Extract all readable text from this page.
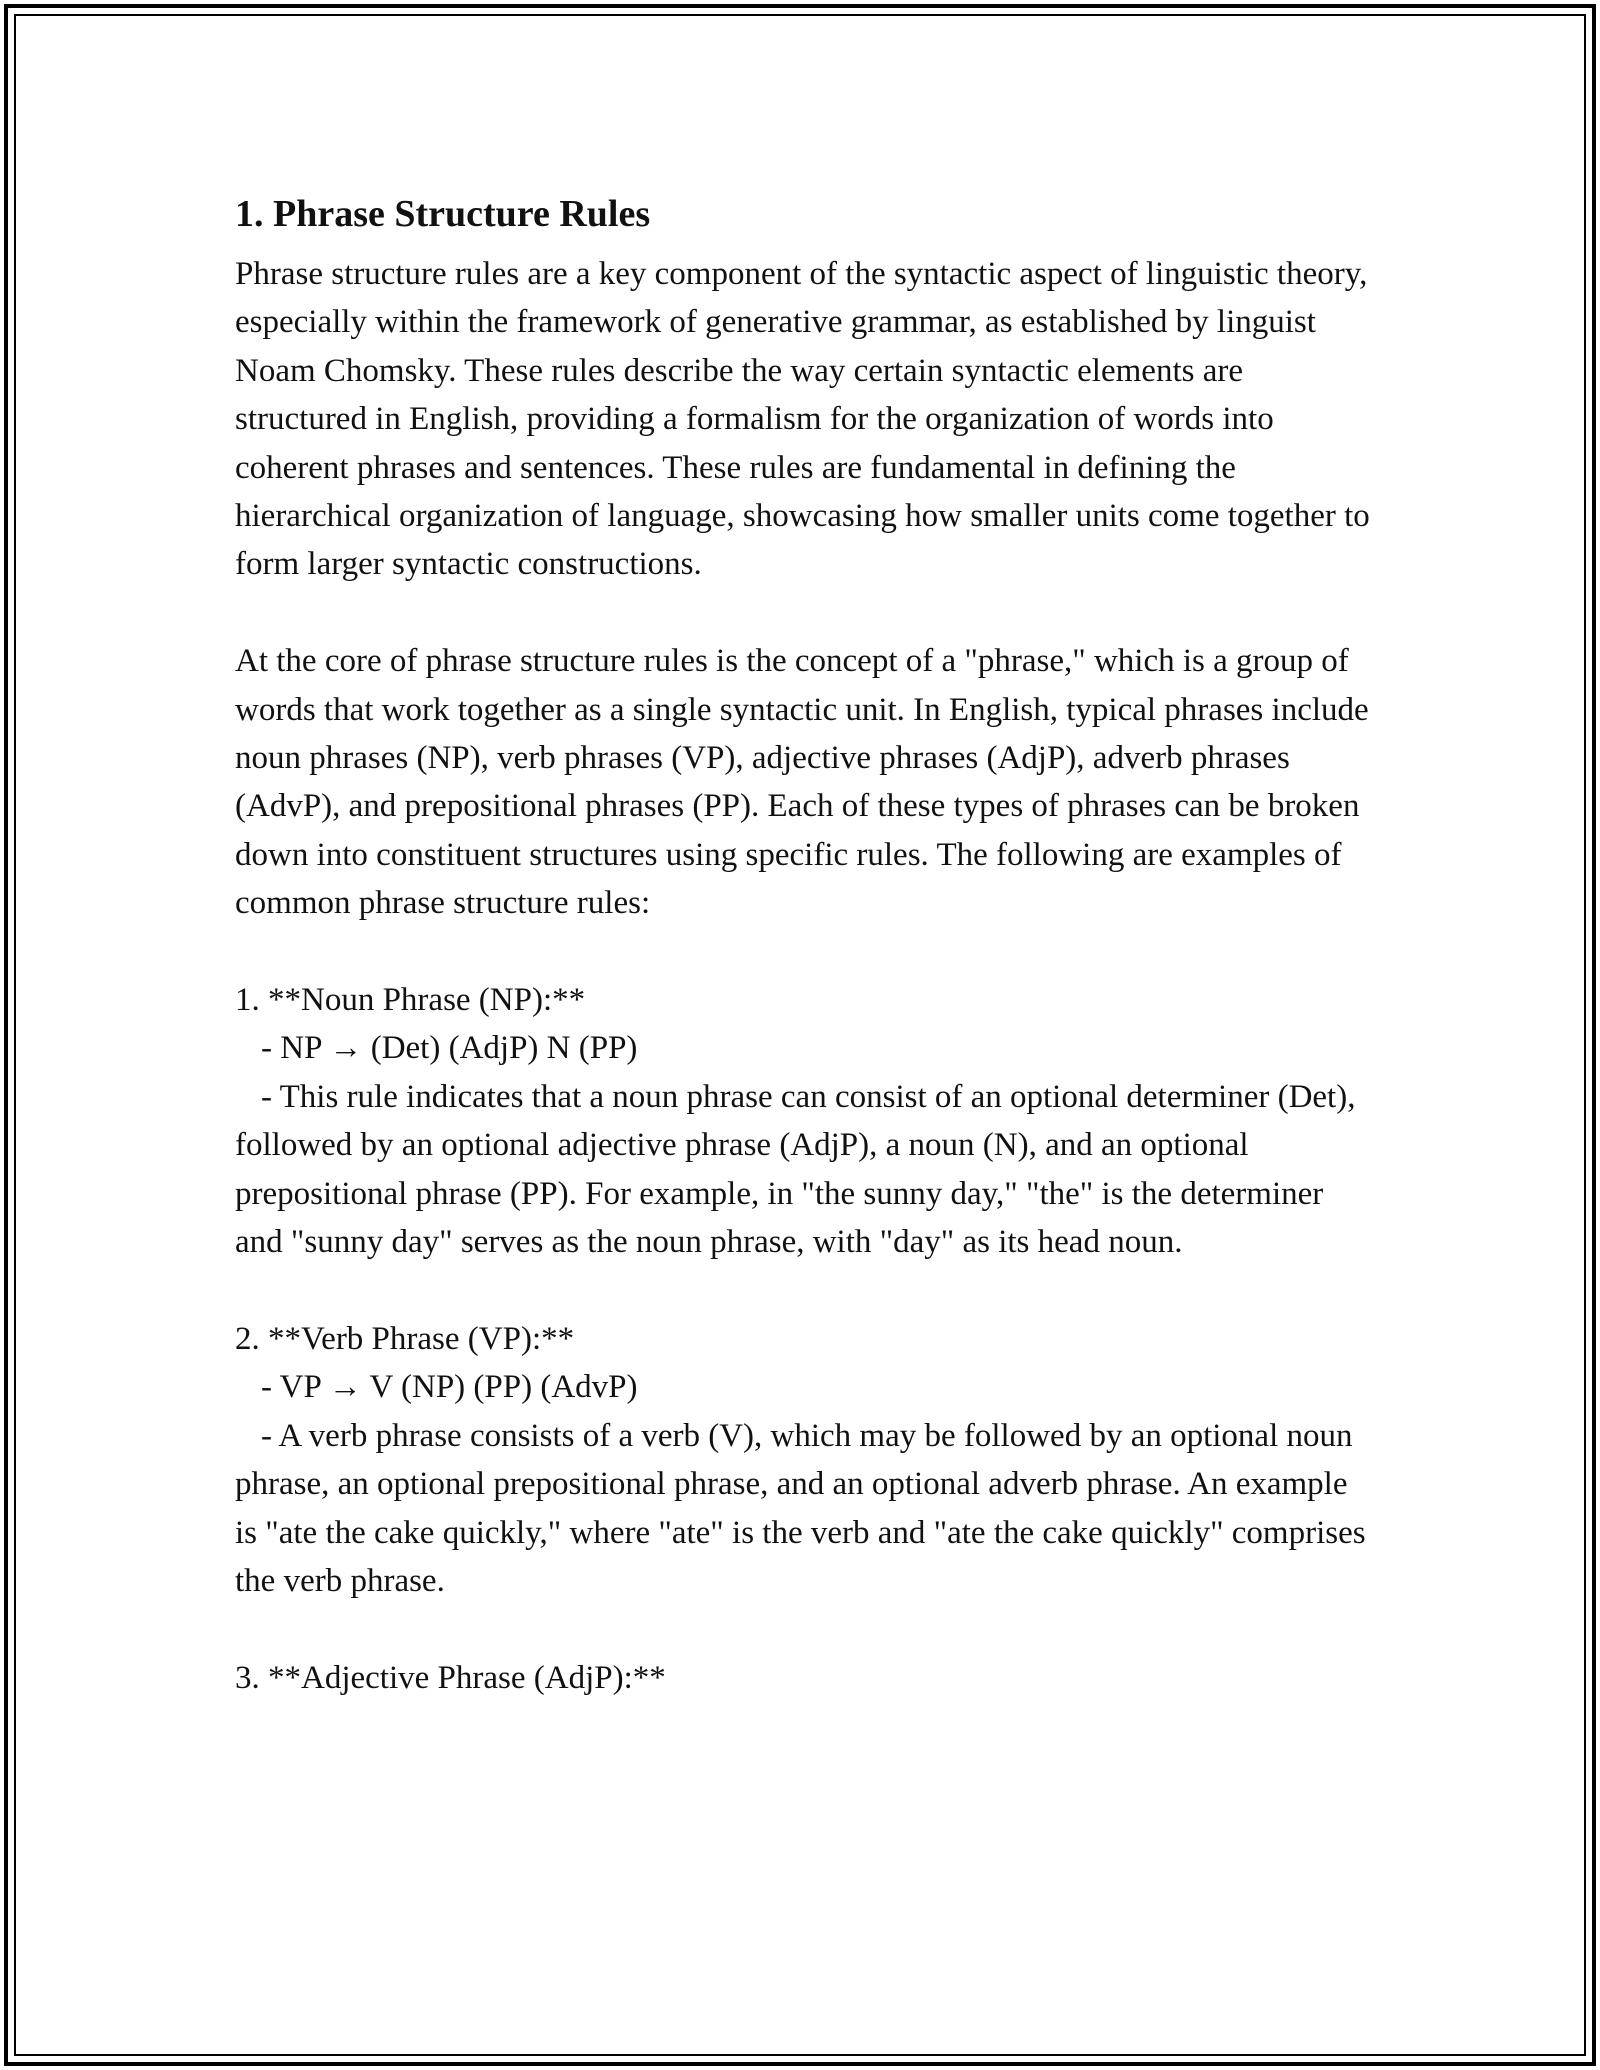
1. Phrase Structure Rules

Phrase structure rules are a key component of the syntactic aspect of linguistic theory, especially within the framework of generative grammar, as established by linguist Noam Chomsky. These rules describe the way certain syntactic elements are structured in English, providing a formalism for the organization of words into coherent phrases and sentences. These rules are fundamental in defining the hierarchical organization of language, showcasing how smaller units come together to form larger syntactic constructions.

At the core of phrase structure rules is the concept of a "phrase," which is a group of words that work together as a single syntactic unit. In English, typical phrases include noun phrases (NP), verb phrases (VP), adjective phrases (AdjP), adverb phrases (AdvP), and prepositional phrases (PP). Each of these types of phrases can be broken down into constituent structures using specific rules. The following are examples of common phrase structure rules:

1. **Noun Phrase (NP):**

- NP → (Det) (AdjP) N (PP)

- This rule indicates that a noun phrase can consist of an optional determiner (Det), followed by an optional adjective phrase (AdjP), a noun (N), and an optional prepositional phrase (PP). For example, in "the sunny day," "the" is the determiner and "sunny day" serves as the noun phrase, with "day" as its head noun.

2. **Verb Phrase (VP):**

- VP → V (NP) (PP) (AdvP)

- A verb phrase consists of a verb (V), which may be followed by an optional noun phrase, an optional prepositional phrase, and an optional adverb phrase. An example is "ate the cake quickly," where "ate" is the verb and "ate the cake quickly" comprises the verb phrase.

3. **Adjective Phrase (AdjP):**
